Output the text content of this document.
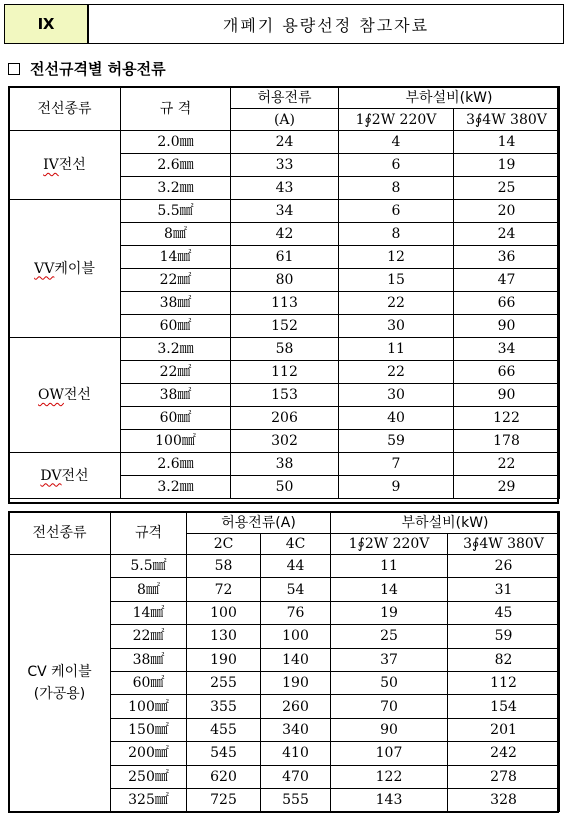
Ⅸ	개폐기 용량선정 참고자료
전선규격별 허용전류
전선종류	규 격	허용전류	부하설비(kW)	
		(A)	1∮2W 220V	3∮4W 380V
IV전선	2.0㎜	24	4	14
	2.6㎜	33	6	19
	3.2㎜	43	8	25
VV케이블	5.5㎟	34	6	20
	8㎟	42	8	24
	14㎟	61	12	36
	22㎟	80	15	47
	38㎟	113	22	66
	60㎟	152	30	90
OW전선	3.2㎜	58	11	34
	22㎟	112	22	66
	38㎟	153	30	90
	60㎟	206	40	122
	100㎟	302	59	178
DV전선	2.6㎜	38	7	22
	3.2㎜	50	9	29
전선종류	규격	허용전류(A)		부하설비(kW)	
		2C	4C	1∮2W 220V	3∮4W 380V

CV 케이블
(가공용)	5.5㎟	58	44	11	26
	8㎟	72	54	14	31
	14㎟	100	76	19	45
	22㎟	130	100	25	59
	38㎟	190	140	37	82
	60㎟	255	190	50	112
	100㎟	355	260	70	154
	150㎟	455	340	90	201
	200㎟	545	410	107	242
	250㎟	620	470	122	278
	325㎟	725	555	143	328
